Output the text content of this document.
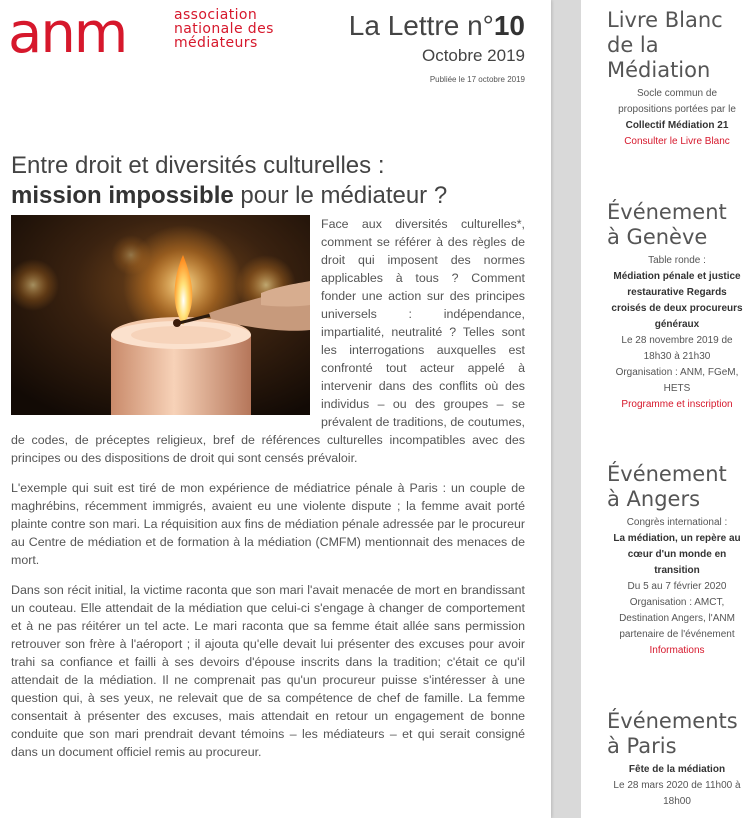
anm	association
nationale des
médiateurs
La Lettre n°10
Octobre 2019
Publiée le 17 octobre 2019
Entre droit et diversités culturelles :
mission impossible pour le médiateur ?

Face aux diversités culturelles*, comment se référer à des règles de droit qui imposent des normes applicables à tous ? Comment fonder une action sur des principes universels : indépendance, impartialité, neutralité ? Telles sont les interrogations auxquelles est confronté tout acteur appelé à intervenir dans des conflits où des individus – ou des groupes – se prévalent de traditions, de coutumes, de codes, de préceptes religieux, bref de références culturelles incompatibles avec des principes ou des dispositions de droit qui sont censés prévaloir.

L'exemple qui suit est tiré de mon expérience de médiatrice pénale à Paris : un couple de maghrébins, récemment immigrés, avaient eu une violente dispute ; la femme avait porté plainte contre son mari. La réquisition aux fins de médiation pénale adressée par le procureur au Centre de médiation et de formation à la médiation (CMFM) mentionnait des menaces de mort.

Dans son récit initial, la victime raconta que son mari l'avait menacée de mort en brandissant un couteau. Elle attendait de la médiation que celui-ci s'engage à changer de comportement et à ne pas réitérer un tel acte. Le mari raconta que sa femme était allée sans permission retrouver son frère à l'aéroport ; il ajouta qu'elle devait lui présenter des excuses pour avoir trahi sa confiance et failli à ses devoirs d'épouse inscrits dans la tradition; c'était ce qu'il attendait de la médiation. Il ne comprenait pas qu'un procureur puisse s'intéresser à une question qui, à ses yeux, ne relevait que de sa compétence de chef de famille. La femme consentait à présenter des excuses, mais attendait en retour un engagement de bonne conduite que son mari prendrait devant témoins – les médiateurs – et qui serait consigné dans un document officiel remis au procureur.

Livre Blanc
de la
Médiation
Socle commun de propositions portées par le Collectif Médiation 21
Consulter le Livre Blanc
Événement
à Genève
Table ronde :
Médiation pénale et justice restaurative Regards croisés de deux procureurs généraux
Le 28 novembre 2019 de 18h30 à 21h30
Organisation : ANM, FGeM, HETS
Programme et inscription
Événement
à Angers
Congrès international :
La médiation, un repère au cœur d'un monde en transition
Du 5 au 7 février 2020
Organisation : AMCT, Destination Angers, l'ANM partenaire de l'événement
Informations
Événements
à Paris
Fête de la médiation
Le 28 mars 2020 de 11h00 à 18h00
